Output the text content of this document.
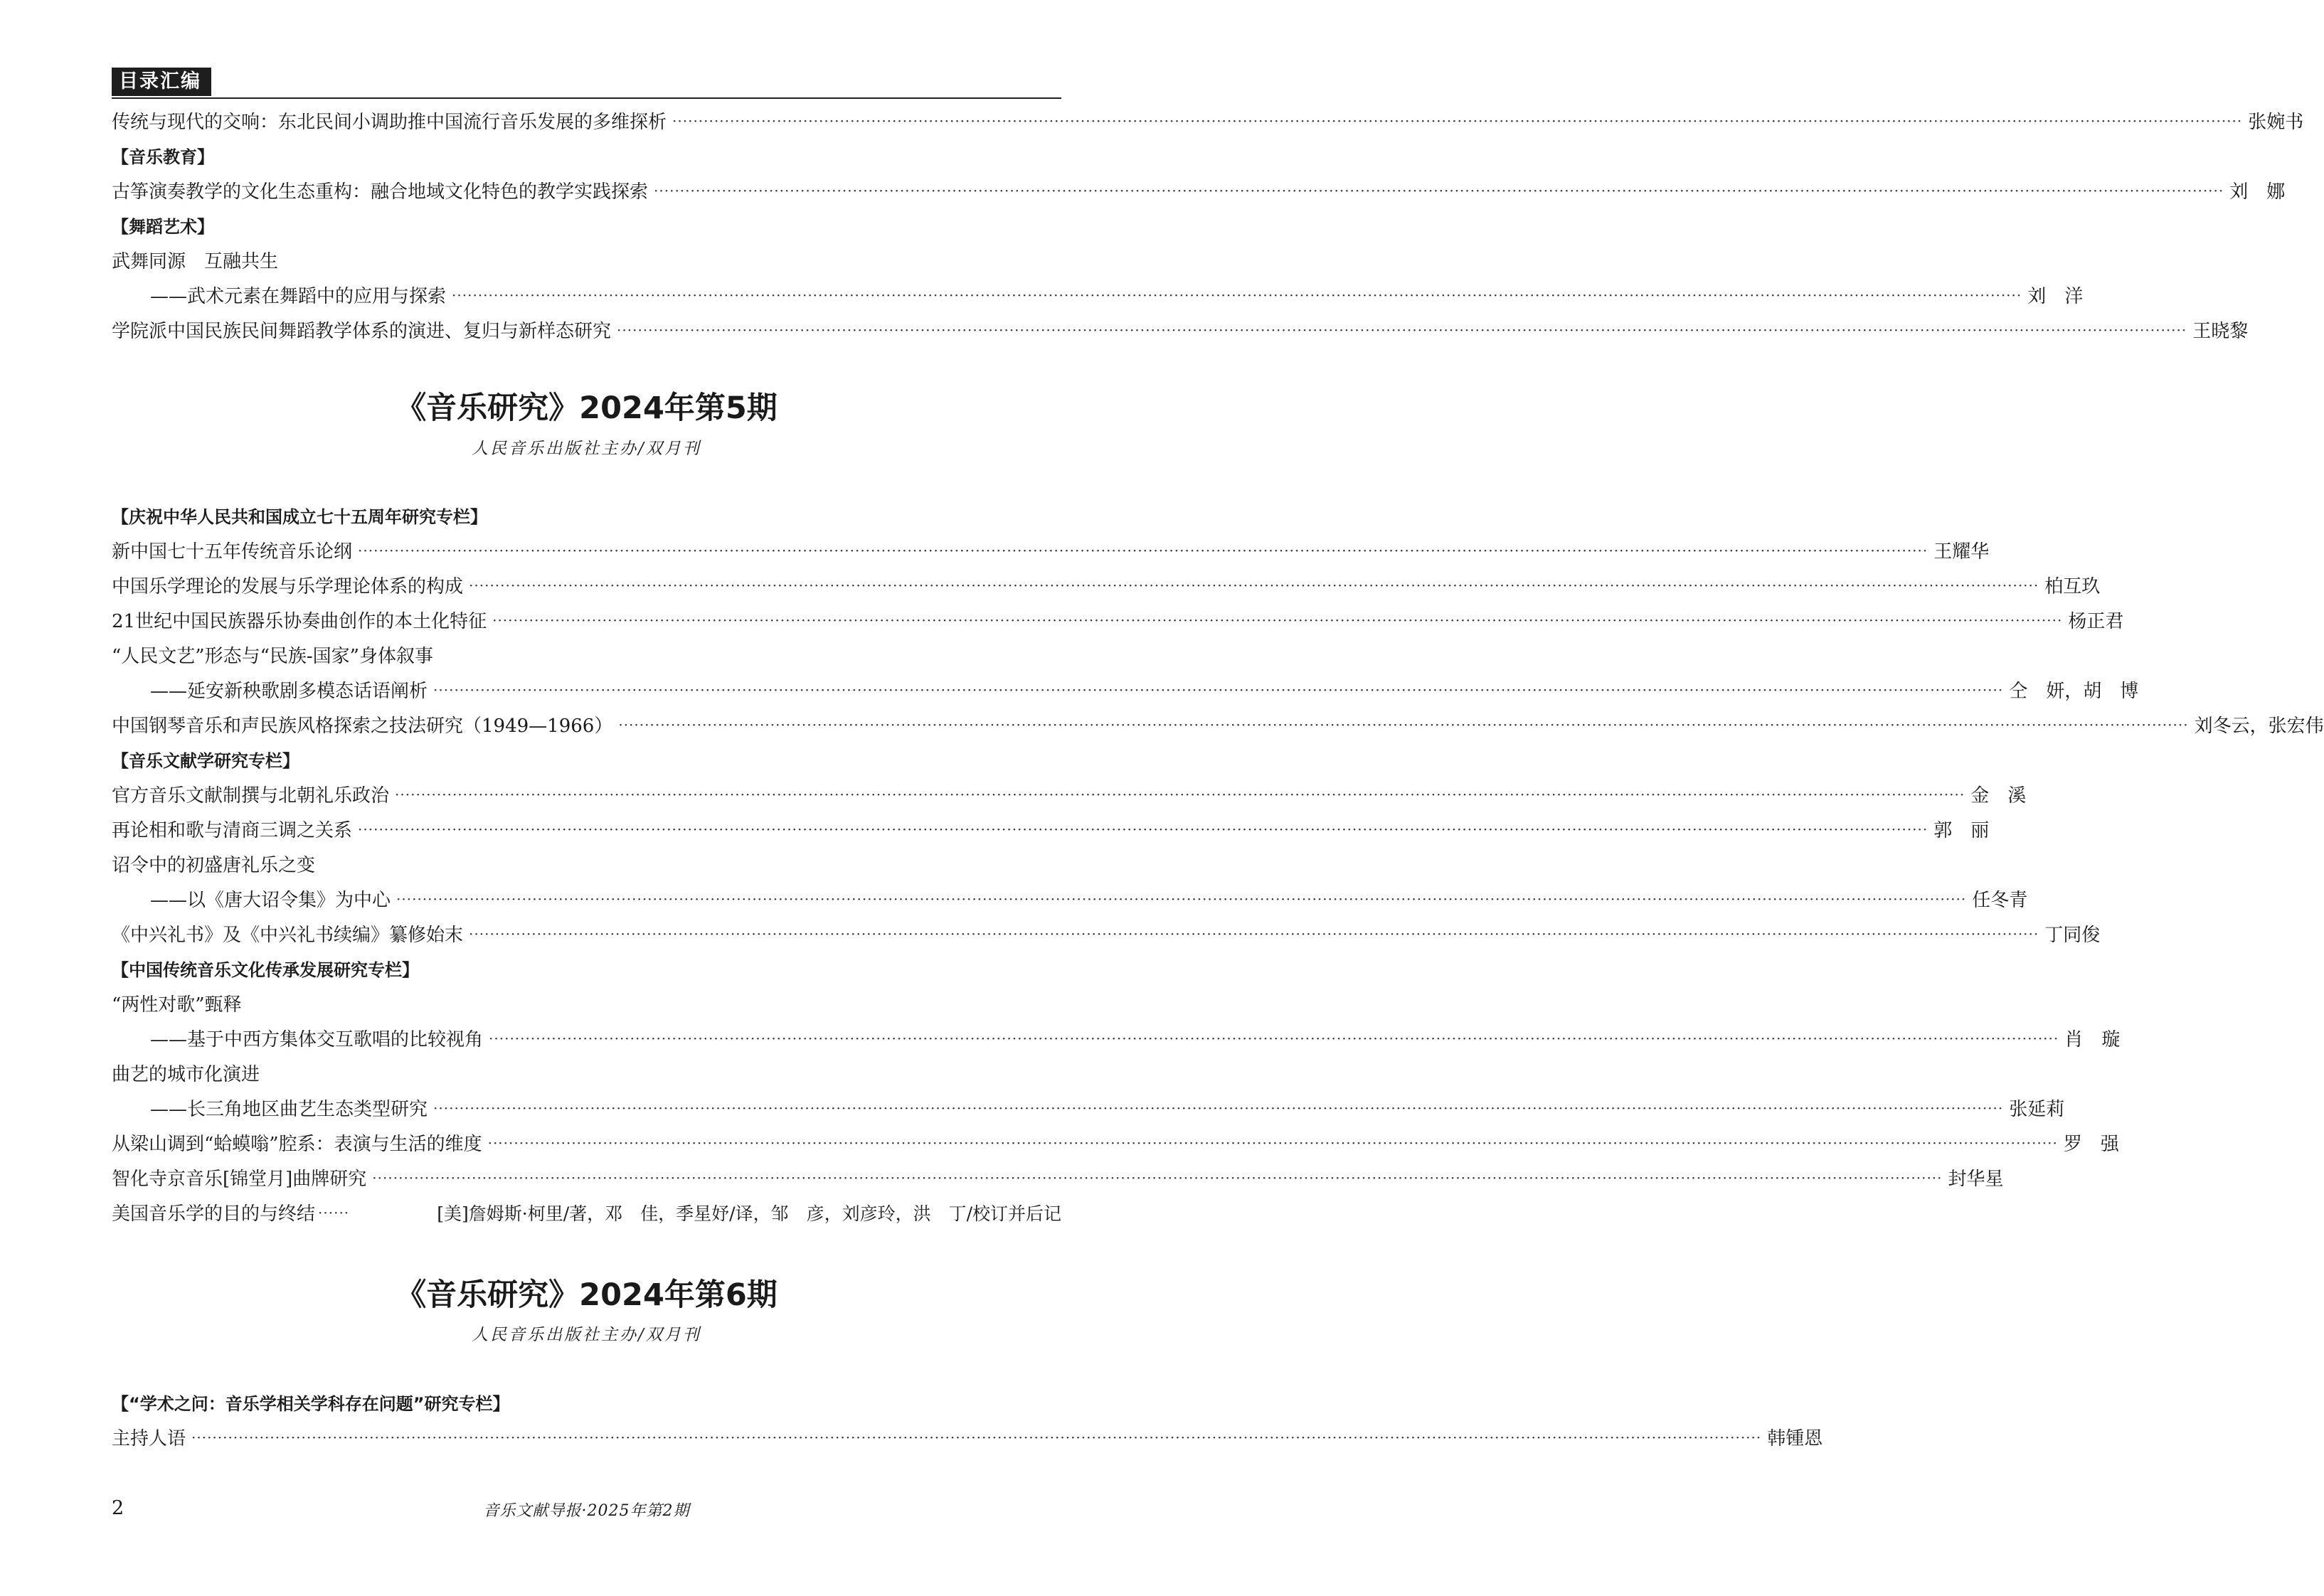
目录汇编
传统与现代的交响：东北民间小调助推中国流行音乐发展的多维探析 ············································································································································································································································································································ 张婉书
【音乐教育】
古筝演奏教学的文化生态重构：融合地域文化特色的教学实践探索 ············································································································································································································································································································ 刘　娜
【舞蹈艺术】
武舞同源　互融共生
——武术元素在舞蹈中的应用与探索 ············································································································································································································································································································ 刘　洋
学院派中国民族民间舞蹈教学体系的演进、复归与新样态研究 ············································································································································································································································································································ 王晓黎
《音乐研究》2024年第5期
人民音乐出版社主办/双月刊
【庆祝中华人民共和国成立七十五周年研究专栏】
新中国七十五年传统音乐论纲 ············································································································································································································································································································ 王耀华
中国乐学理论的发展与乐学理论体系的构成 ············································································································································································································································································································ 柏互玖
21世纪中国民族器乐协奏曲创作的本土化特征 ············································································································································································································································································································ 杨正君
“人民文艺”形态与“民族-国家”身体叙事
——延安新秧歌剧多模态话语阐析 ············································································································································································································································································································ 仝　妍，胡　博
中国钢琴音乐和声民族风格探索之技法研究（1949—1966） ············································································································································································································································································································ 刘冬云，张宏伟
【音乐文献学研究专栏】
官方音乐文献制撰与北朝礼乐政治 ············································································································································································································································································································ 金　溪
再论相和歌与清商三调之关系 ············································································································································································································································································································ 郭　丽
诏令中的初盛唐礼乐之变
——以《唐大诏令集》为中心 ············································································································································································································································································································ 任冬青
《中兴礼书》及《中兴礼书续编》纂修始末 ············································································································································································································································································································ 丁同俊
【中国传统音乐文化传承发展研究专栏】
“两性对歌”甄释
——基于中西方集体交互歌唱的比较视角 ············································································································································································································································································································ 肖　璇
曲艺的城市化演进
——长三角地区曲艺生态类型研究 ············································································································································································································································································································ 张延莉
从梁山调到“蛤蟆嗡”腔系：表演与生活的维度 ············································································································································································································································································································ 罗　强
智化寺京音乐[锦堂月]曲牌研究 ············································································································································································································································································································ 封华星
美国音乐学的目的与终结 ······	[美]詹姆斯·柯里/著，邓　佳，季星妤/译，邹　彦，刘彦玲，洪　丁/校订并后记
《音乐研究》2024年第6期
人民音乐出版社主办/双月刊
【“学术之问：音乐学相关学科存在问题”研究专栏】
主持人语 ············································································································································································································································································································ 韩锺恩
2	音乐文献导报·2025年第2期
